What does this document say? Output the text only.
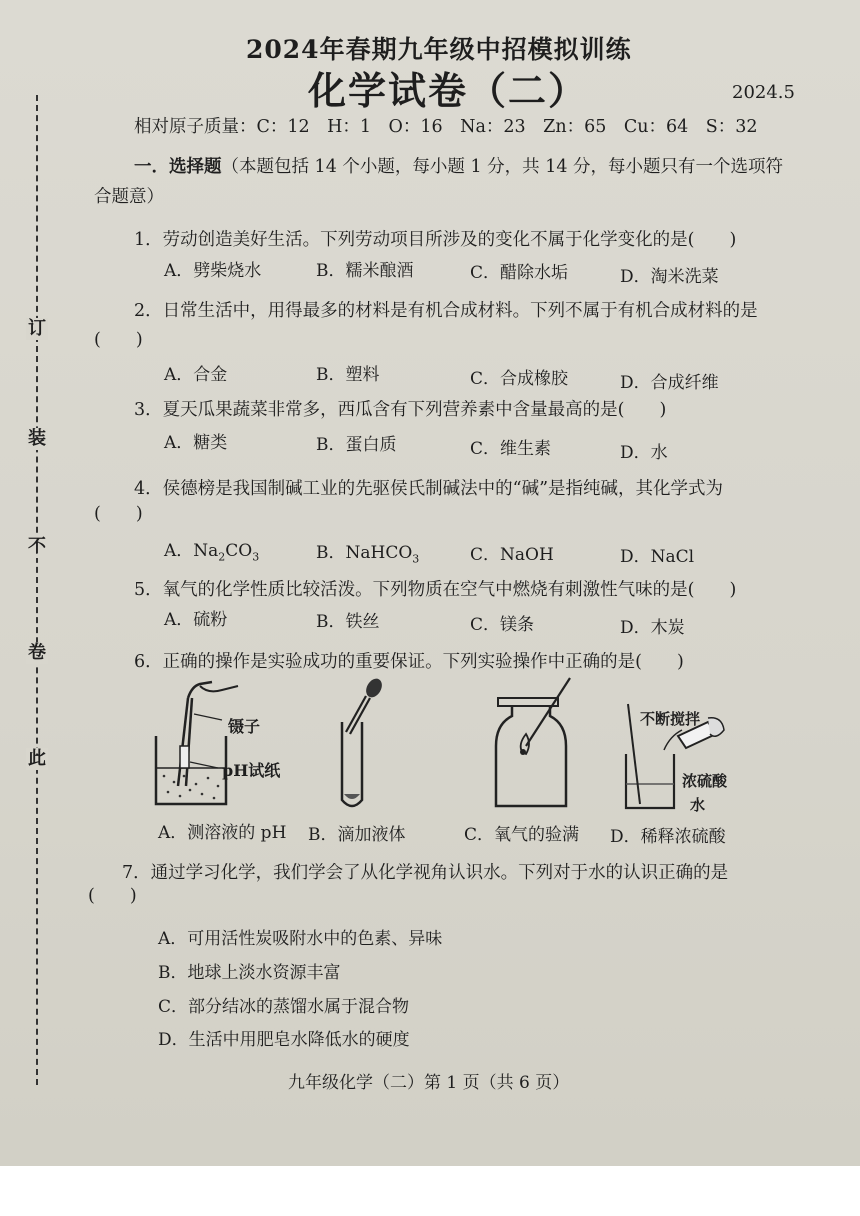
订
装
不
卷
此
2024年春期九年级中招模拟训练
化学试卷（二）	2024.5
相对原子质量：C：12　H：1　O：16　Na：23　Zn：65　Cu：64　S：32
一．选择题（本题包括 14 个小题，每小题 1 分，共 14 分，每小题只有一个选项符
合题意）
1．劳动创造美好生活。下列劳动项目所涉及的变化不属于化学变化的是(　　)
A．劈柴烧水	B．糯米酿酒	C．醋除水垢	D．淘米洗菜
2．日常生活中，用得最多的材料是有机合成材料。下列不属于有机合成材料的是
(　　)
A．合金	B．塑料	C．合成橡胶	D．合成纤维
3．夏天瓜果蔬菜非常多，西瓜含有下列营养素中含量最高的是(　　)
A．糖类	B．蛋白质	C．维生素	D．水
4．侯德榜是我国制碱工业的先驱侯氏制碱法中的“碱”是指纯碱，其化学式为
(　　)
A．$Na_2CO_3$	B．NaHCO$_3$	C．NaOH	D．NaCl
5．氧气的化学性质比较活泼。下列物质在空气中燃烧有刺激性气味的是(　　)
A．硫粉	B．铁丝	C．镁条	D．木炭
6．正确的操作是实验成功的重要保证。下列实验操作中正确的是(　　)
镊子
pH试纸
不断搅拌
浓硫酸
水
A．测溶液的 pH B．滴加液体	C．氧气的验满 D．稀释浓硫酸
7．通过学习化学，我们学会了从化学视角认识水。下列对于水的认识正确的是
(　　)
A．可用活性炭吸附水中的色素、异味
B．地球上淡水资源丰富
C．部分结冰的蒸馏水属于混合物
D．生活中用肥皂水降低水的硬度
九年级化学（二）第 1 页（共 6 页）
